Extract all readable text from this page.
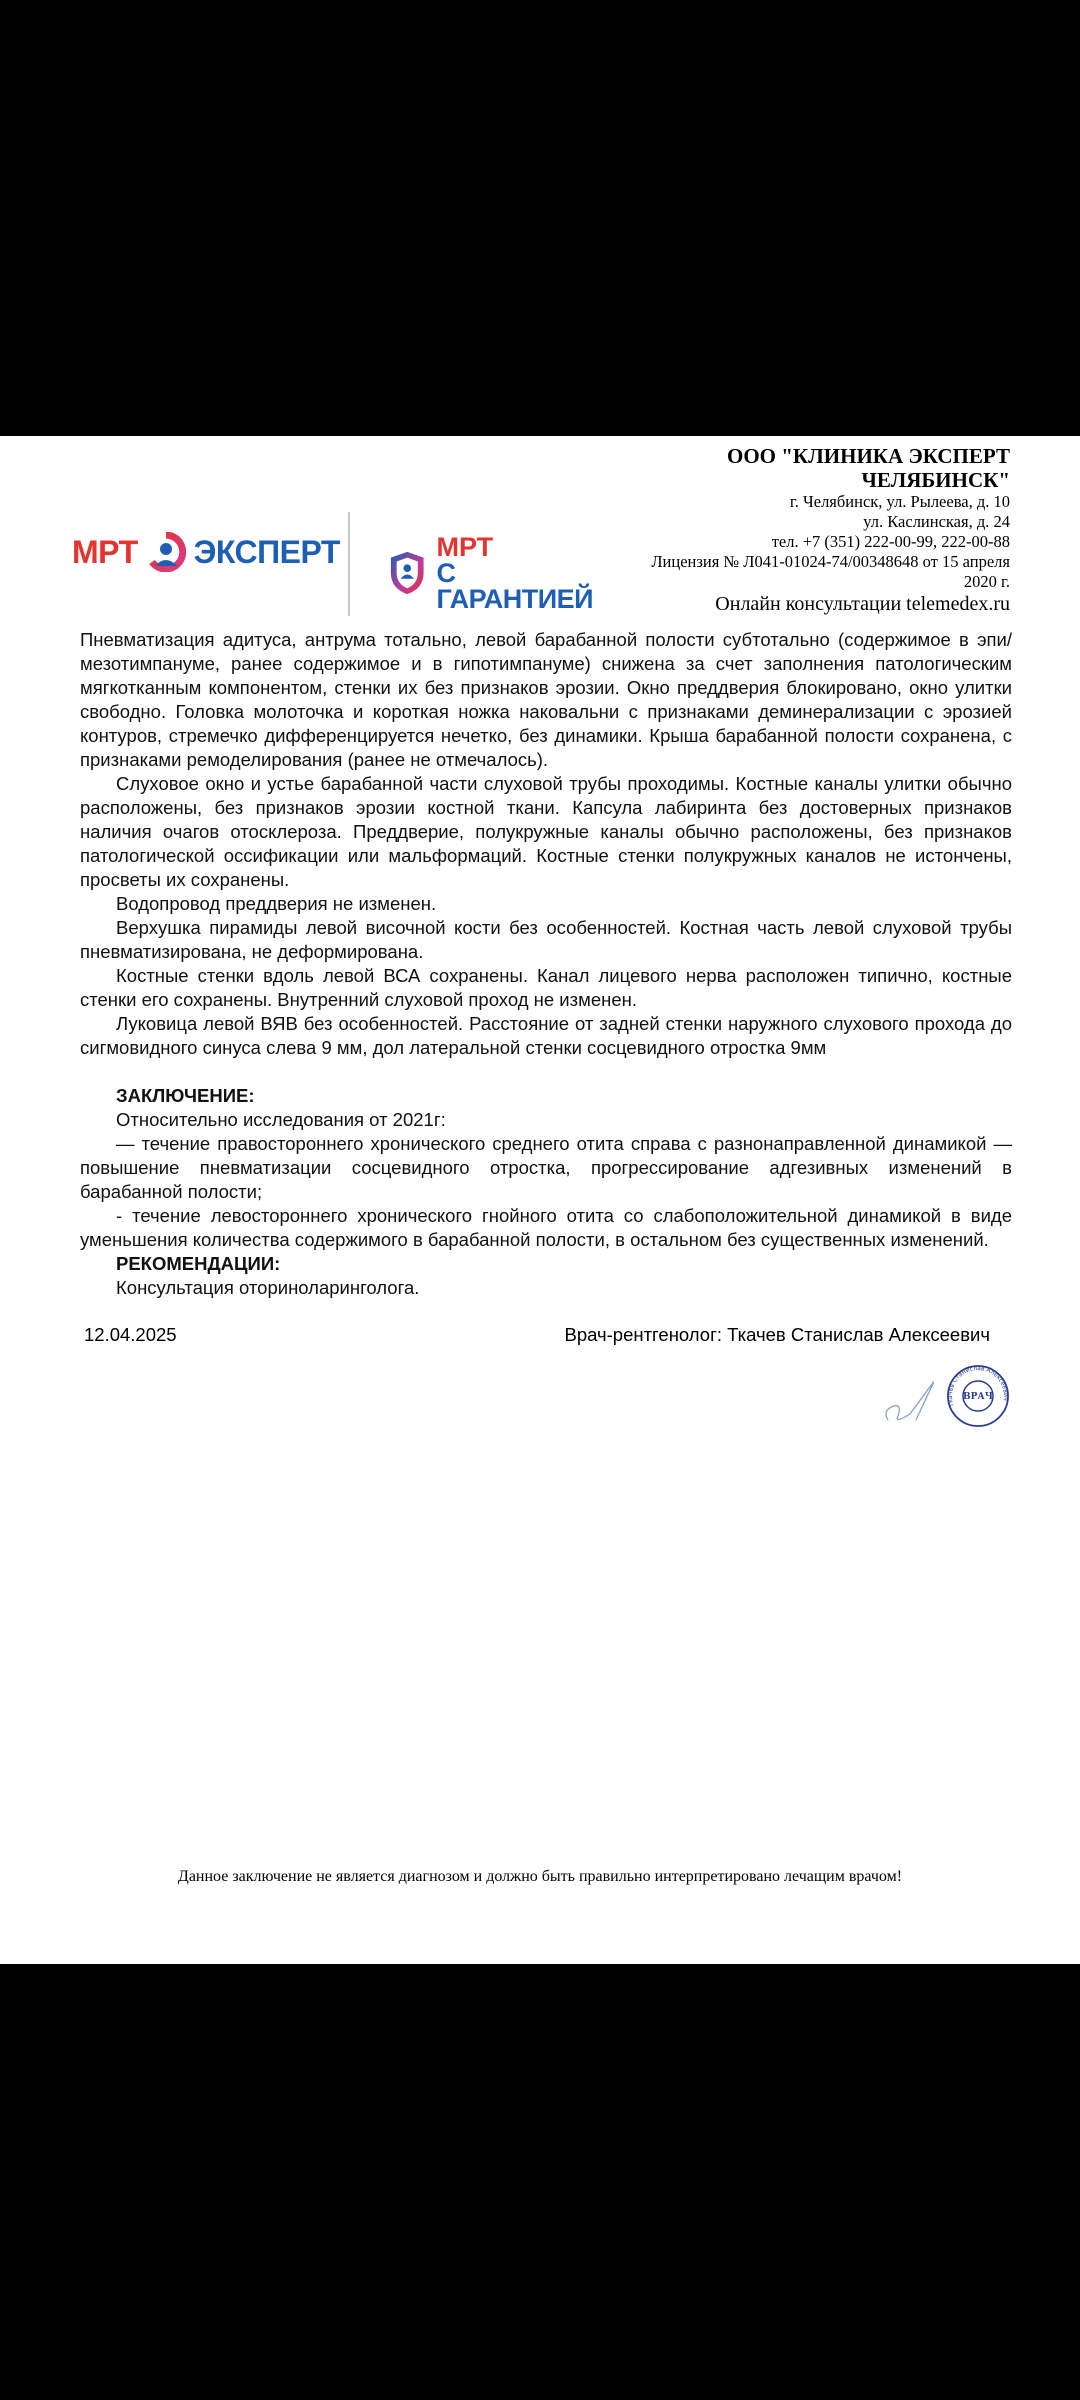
МРТ ЭКСПЕРТ	МРТ
С ГАРАНТИЕЙ
ООО "КЛИНИКА ЭКСПЕРТ
ЧЕЛЯБИНСК"
г. Челябинск, ул. Рылеева, д. 10
ул. Каслинская, д. 24
тел. +7 (351) 222-00-99, 222-00-88
Лицензия № Л041-01024-74/00348648 от 15 апреля
2020 г.
Онлайн консультации telemedex.ru

Пневматизация адитуса, антрума тотально, левой барабанной полости субтотально (содержимое в эпи/мезотимпануме, ранее содержимое и в гипотимпануме) снижена за счет заполнения патологическим мягкотканным компонентом, стенки их без признаков эрозии. Окно преддверия блокировано, окно улитки свободно. Головка молоточка и короткая ножка наковальни с признаками деминерализации с эрозией контуров, стремечко дифференцируется нечетко, без динамики. Крыша барабанной полости сохранена, с признаками ремоделирования (ранее не отмечалось).

Слуховое окно и устье барабанной части слуховой трубы проходимы. Костные каналы улитки обычно расположены, без признаков эрозии костной ткани. Капсула лабиринта без достоверных признаков наличия очагов отосклероза. Преддверие, полукружные каналы обычно расположены, без признаков патологической оссификации или мальформаций. Костные стенки полукружных каналов не истончены, просветы их сохранены.

Водопровод преддверия не изменен.

Верхушка пирамиды левой височной кости без особенностей. Костная часть левой слуховой трубы пневматизирована, не деформирована.

Костные стенки вдоль левой ВСА сохранены. Канал лицевого нерва расположен типично, костные стенки его сохранены. Внутренний слуховой проход не изменен.

Луковица левой ВЯВ без особенностей. Расстояние от задней стенки наружного слухового прохода до сигмовидного синуса слева 9 мм, дол латеральной стенки сосцевидного отростка 9мм

ЗАКЛЮЧЕНИЕ:

Относительно исследования от 2021г:

— течение правостороннего хронического среднего отита справа с разнонаправленной динамикой — повышение пневматизации сосцевидного отростка, прогрессирование адгезивных изменений в барабанной полости;

- течение левостороннего хронического гнойного отита со слабоположительной динамикой в виде уменьшения количества содержимого в барабанной полости, в остальном без существенных изменений.

РЕКОМЕНДАЦИИ:

Консультация оториноларинголога.

12.04.2025	Врач-рентгенолог: Ткачев Станислав Алексеевич
Ткачев Станислав Алексеевич
ВРАЧ
Данное заключение не является диагнозом и должно быть правильно интерпретировано лечащим врачом!
